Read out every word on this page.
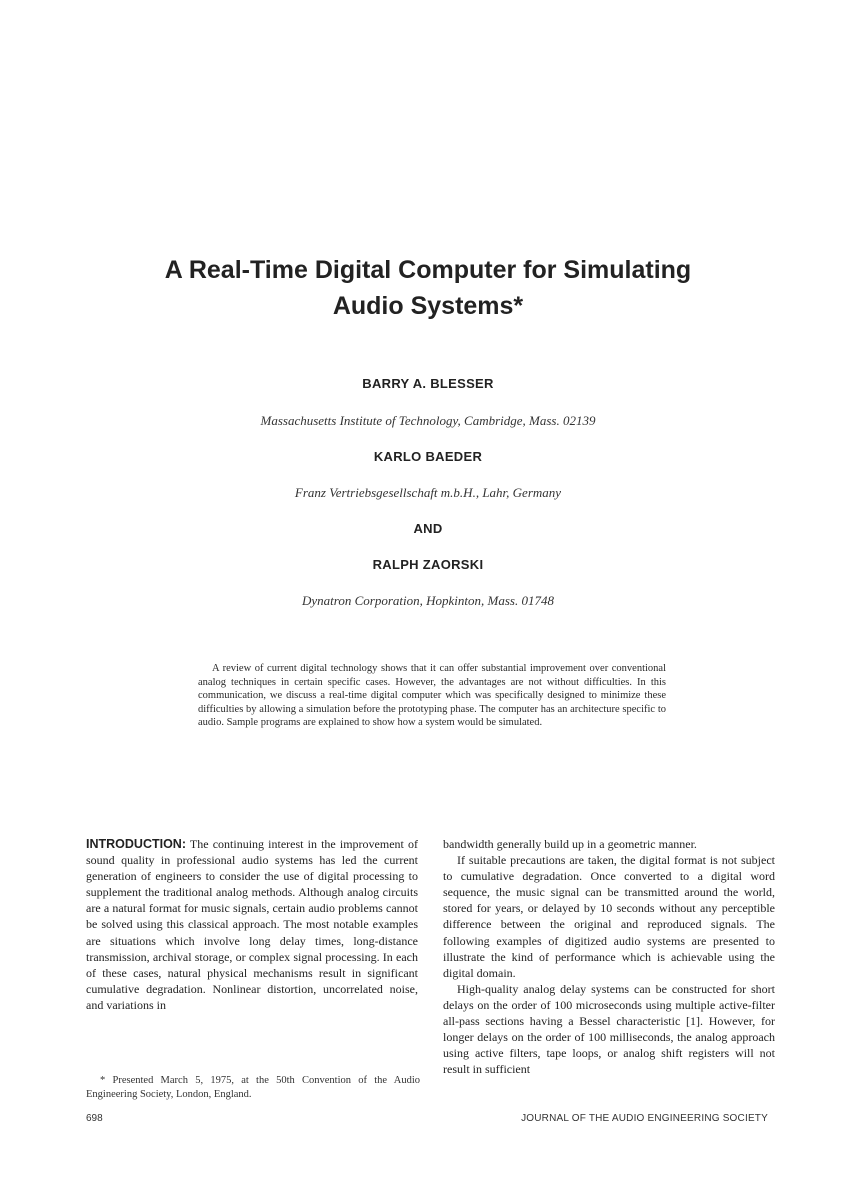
A Real-Time Digital Computer for Simulating
Audio Systems*
BARRY A. BLESSER
Massachusetts Institute of Technology, Cambridge, Mass. 02139
KARLO BAEDER
Franz Vertriebsgesellschaft m.b.H., Lahr, Germany
AND
RALPH ZAORSKI
Dynatron Corporation, Hopkinton, Mass. 01748
A review of current digital technology shows that it can offer substantial improvement over conventional analog techniques in certain specific cases. However, the advantages are not without difficulties. In this communication, we discuss a real-time digital computer which was specifically designed to minimize these difficulties by allowing a simulation before the prototyping phase. The computer has an architecture specific to audio. Sample programs are explained to show how a system would be simulated.

INTRODUCTION: The continuing interest in the improvement of sound quality in professional audio systems has led the current generation of engineers to consider the use of digital processing to supplement the traditional analog methods. Although analog circuits are a natural format for music signals, certain audio problems cannot be solved using this classical approach. The most notable examples are situations which involve long delay times, long-distance transmission, archival storage, or complex signal processing. In each of these cases, natural physical mechanisms result in significant cumulative degradation. Nonlinear distortion, uncorrelated noise, and variations in

bandwidth generally build up in a geometric manner.

If suitable precautions are taken, the digital format is not subject to cumulative degradation. Once converted to a digital word sequence, the music signal can be transmitted around the world, stored for years, or delayed by 10 seconds without any perceptible difference between the original and reproduced signals. The following examples of digitized audio systems are presented to illustrate the kind of performance which is achievable using the digital domain.

High-quality analog delay systems can be constructed for short delays on the order of 100 microseconds using multiple active-filter all-pass sections having a Bessel characteristic [1]. However, for longer delays on the order of 100 milliseconds, the analog approach using active filters, tape loops, or analog shift registers will not result in sufficient

* Presented March 5, 1975, at the 50th Convention of the Audio Engineering Society, London, England.
698	JOURNAL OF THE AUDIO ENGINEERING SOCIETY
